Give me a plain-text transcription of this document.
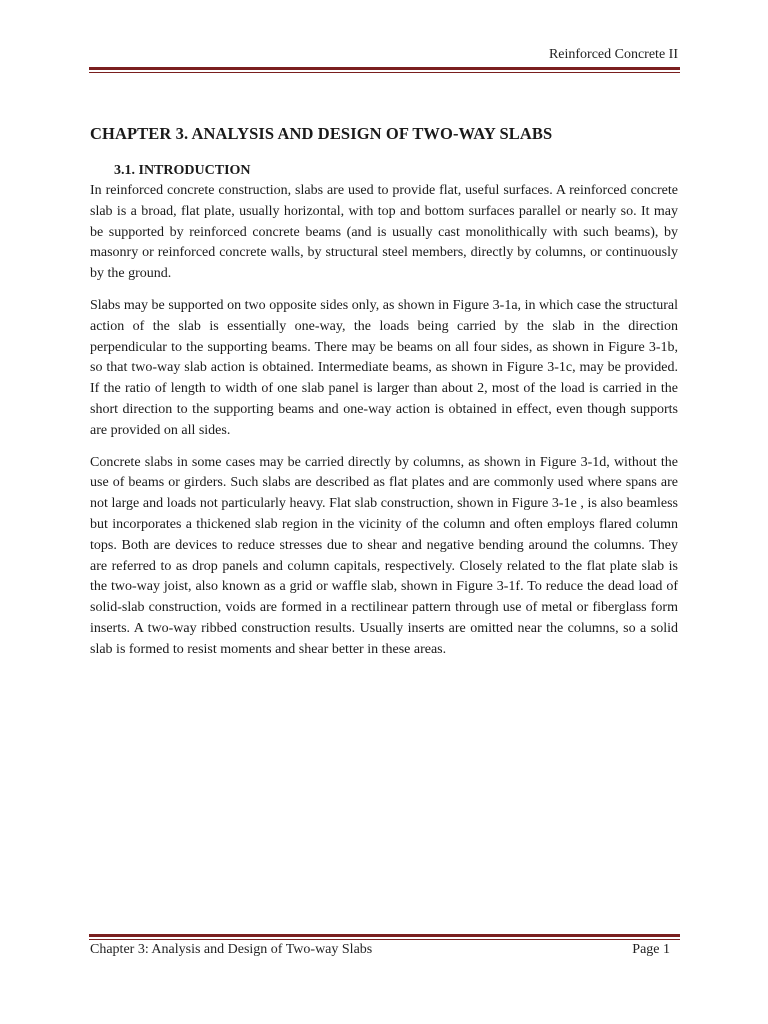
Reinforced Concrete II
CHAPTER 3. ANALYSIS AND DESIGN OF TWO-WAY SLABS
3.1. INTRODUCTION

In reinforced concrete construction, slabs are used to provide flat, useful surfaces. A reinforced concrete slab is a broad, flat plate, usually horizontal, with top and bottom surfaces parallel or nearly so. It may be supported by reinforced concrete beams (and is usually cast monolithically with such beams), by masonry or reinforced concrete walls, by structural steel members, directly by columns, or continuously by the ground.

Slabs may be supported on two opposite sides only, as shown in Figure 3-1a, in which case the structural action of the slab is essentially one-way, the loads being carried by the slab in the direction perpendicular to the supporting beams. There may be beams on all four sides, as shown in Figure 3-1b, so that two-way slab action is obtained. Intermediate beams, as shown in Figure 3-1c, may be provided. If the ratio of length to width of one slab panel is larger than about 2, most of the load is carried in the short direction to the supporting beams and one-way action is obtained in effect, even though supports are provided on all sides.

Concrete slabs in some cases may be carried directly by columns, as shown in Figure 3-1d, without the use of beams or girders. Such slabs are described as flat plates and are commonly used where spans are not large and loads not particularly heavy. Flat slab construction, shown in Figure 3-1e , is also beamless but incorporates a thickened slab region in the vicinity of the column and often employs flared column tops. Both are devices to reduce stresses due to shear and negative bending around the columns. They are referred to as drop panels and column capitals, respectively. Closely related to the flat plate slab is the two-way joist, also known as a grid or waffle slab, shown in Figure 3-1f. To reduce the dead load of solid-slab construction, voids are formed in a rectilinear pattern through use of metal or fiberglass form inserts. A two-way ribbed construction results. Usually inserts are omitted near the columns, so a solid slab is formed to resist moments and shear better in these areas.

Chapter 3: Analysis and Design of Two-way Slabs	Page 1
